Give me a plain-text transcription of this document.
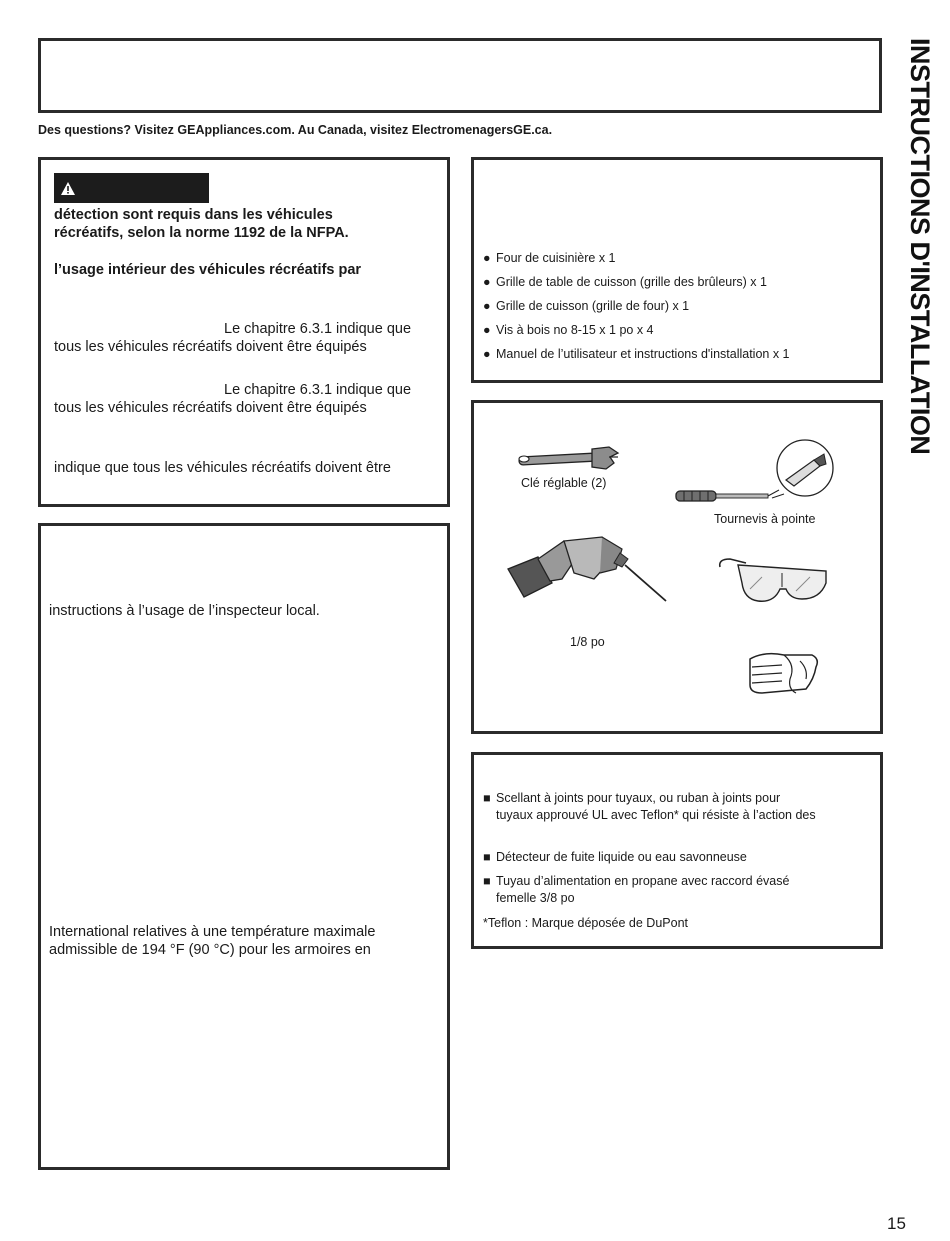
Des questions? Visitez GEAppliances.com. Au Canada, visitez ElectromenagersGE.ca.	INSTRUCTIONS D'INSTALLATION
détection sont requis dans les véhicules
récréatifs, selon la norme 1192 de la NFPA.
l’usage intérieur des véhicules récréatifs par
Le chapitre 6.3.1 indique que
tous les véhicules récréatifs doivent être équipés
Le chapitre 6.3.1 indique que
tous les véhicules récréatifs doivent être équipés
indique que tous les véhicules récréatifs doivent être
instructions à l’usage de l’inspecteur local.
International relatives à une température maximale
admissible de 194 °F (90 °C) pour les armoires en
● Four de cuisinière x 1
● Grille de table de cuisson (grille des brûleurs) x 1
● Grille de cuisson (grille de four) x 1
● Vis à bois no 8-15 x 1 po x 4
● Manuel de l’utilisateur et instructions d'installation x 1
Clé réglable (2)
Tournevis à pointe
1/8 po
■ Scellant à joints pour tuyaux, ou ruban à joints pour
tuyaux approuvé UL avec Teflon* qui résiste à l’action des
■ Détecteur de fuite liquide ou eau savonneuse
■ Tuyau d’alimentation en propane avec raccord évasé
femelle 3/8 po
*Teflon : Marque déposée de DuPont
15
